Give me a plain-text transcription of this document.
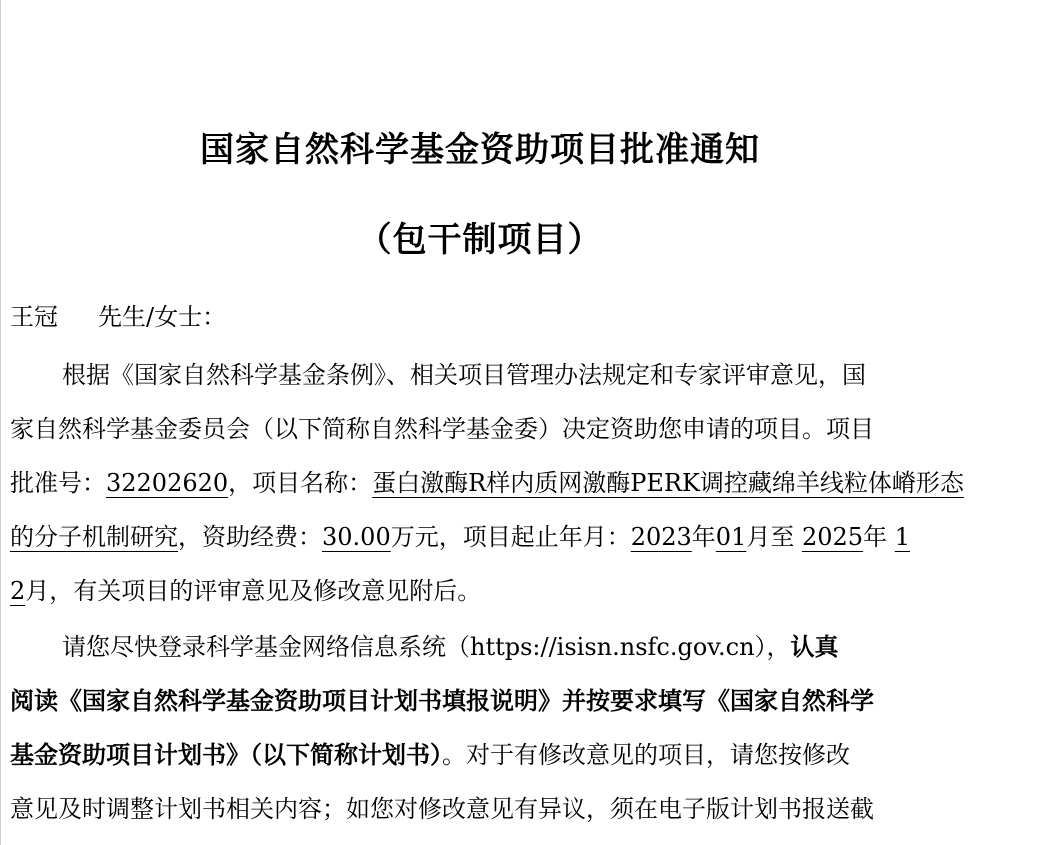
国家自然科学基金资助项目批准通知
（包干制项目）
王冠 先生/女士：
根据《国家自然科学基金条例》、相关项目管理办法规定和专家评审意见，国
家自然科学基金委员会（以下简称自然科学基金委）决定资助您申请的项目。项目
批准号：32202620，项目名称：蛋白激酶R样内质网激酶PERK调控藏绵羊线粒体嵴形态
的分子机制研究，资助经费：30.00万元，项目起止年月：2023年01月至 2025年 1
2月，有关项目的评审意见及修改意见附后。
请您尽快登录科学基金网络信息系统（https://isisn.nsfc.gov.cn），认真
阅读《国家自然科学基金资助项目计划书填报说明》并按要求填写《国家自然科学
基金资助项目计划书》（以下简称计划书）。对于有修改意见的项目，请您按修改
意见及时调整计划书相关内容；如您对修改意见有异议，须在电子版计划书报送截
